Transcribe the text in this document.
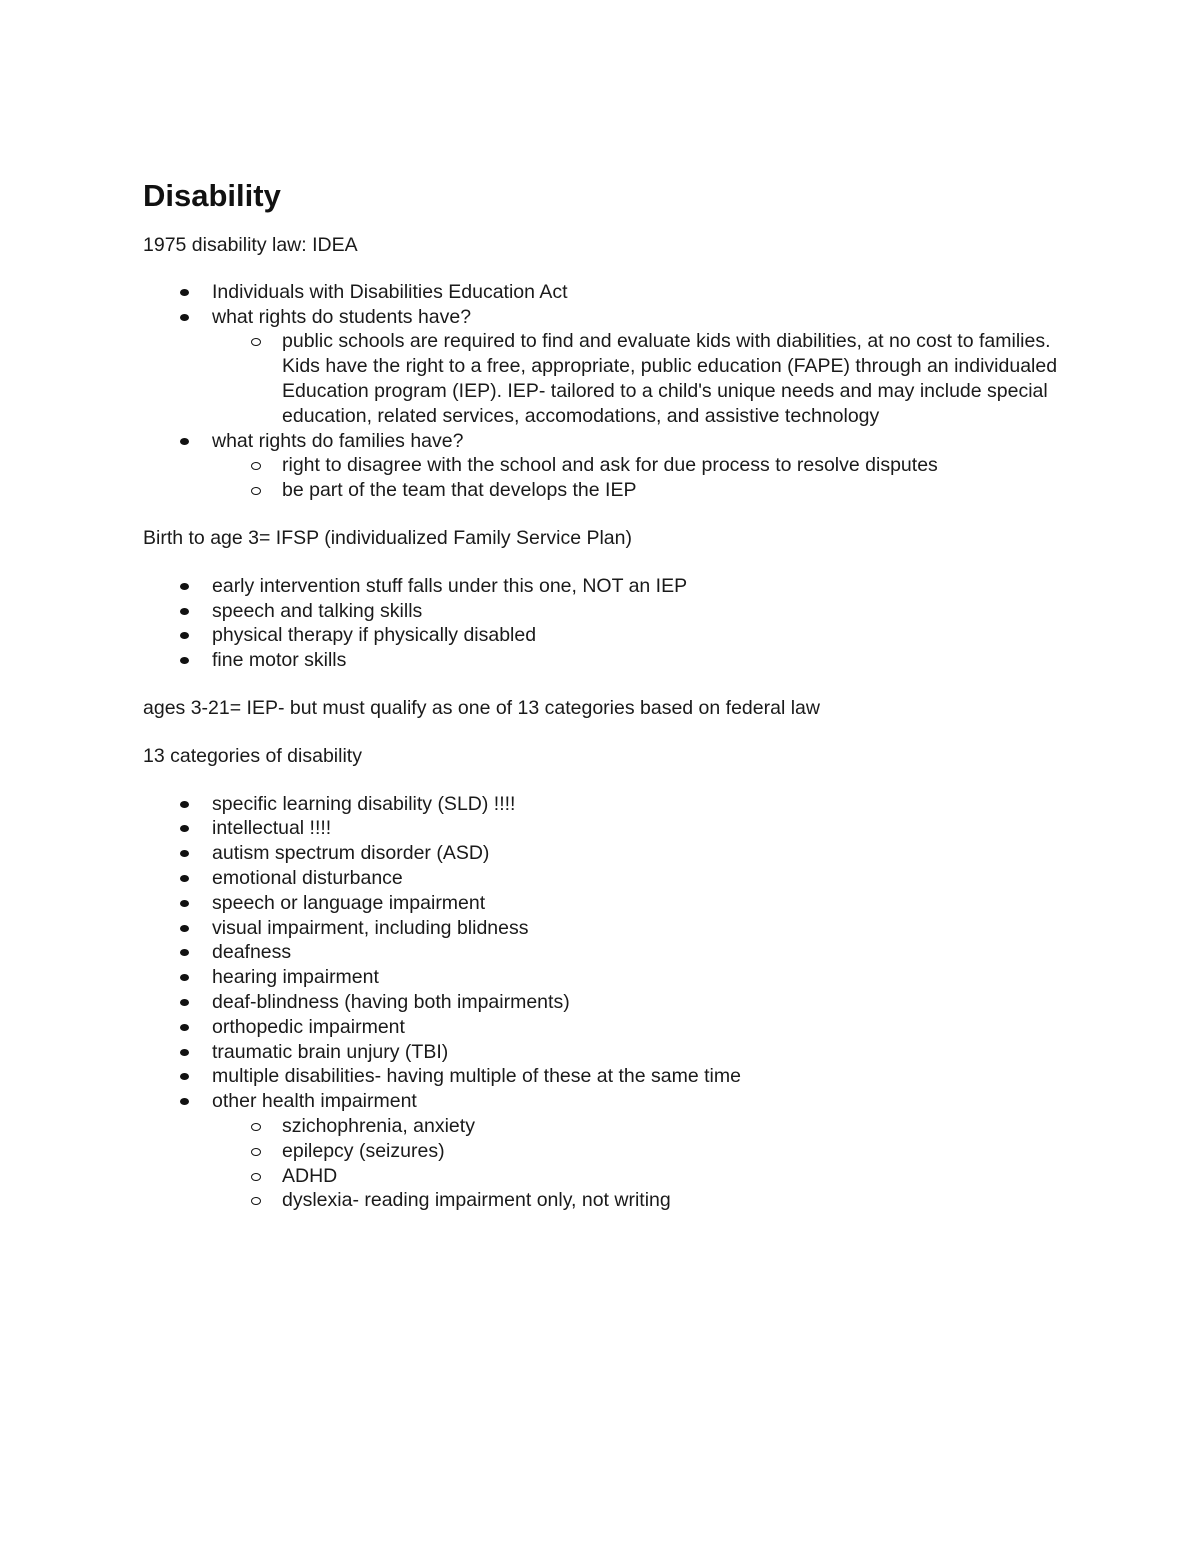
Disability
1975 disability law: IDEA
Individuals with Disabilities Education Act
what rights do students have?
public schools are required to find and evaluate kids with diabilities, at no cost to families. Kids have the right to a free, appropriate, public education (FAPE) through an individualed Education program (IEP). IEP- tailored to a child's unique needs and may include special education, related services, accomodations, and assistive technology
what rights do families have?
right to disagree with the school and ask for due process to resolve disputes
be part of the team that develops the IEP
Birth to age 3= IFSP (individualized Family Service Plan)
early intervention stuff falls under this one, NOT an IEP
speech and talking skills
physical therapy if physically disabled
fine motor skills
ages 3-21= IEP- but must qualify as one of 13 categories based on federal law
13 categories of disability
specific learning disability (SLD) !!!!
intellectual !!!!
autism spectrum disorder (ASD)
emotional disturbance
speech or language impairment
visual impairment, including blidness
deafness
hearing impairment
deaf-blindness (having both impairments)
orthopedic impairment
traumatic brain unjury (TBI)
multiple disabilities- having multiple of these at the same time
other health impairment
szichophrenia, anxiety
epilepcy (seizures)
ADHD
dyslexia- reading impairment only, not writing
